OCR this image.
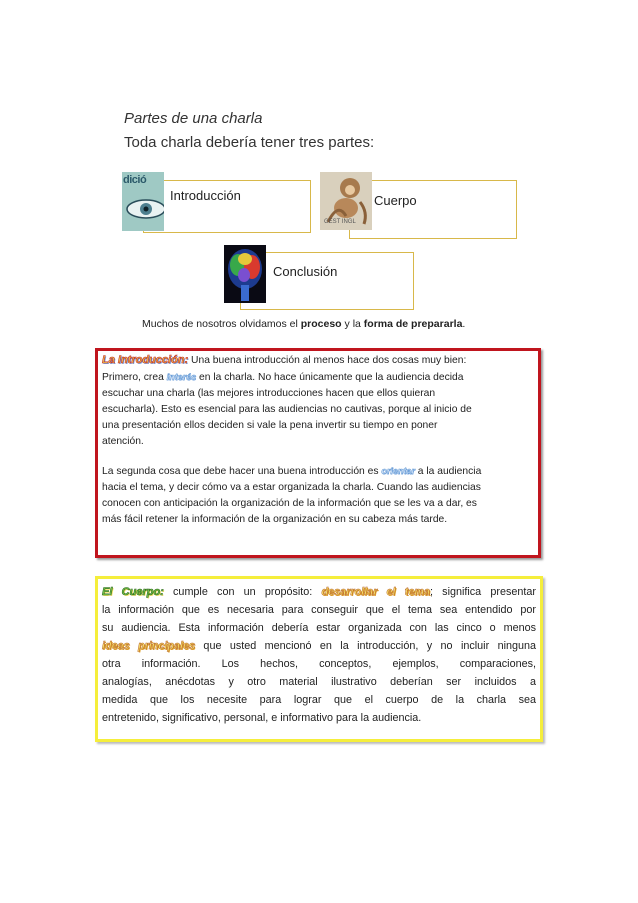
Partes de una charla
Toda charla debería tener tres partes:
Introducción
dició
Cuerpo
GEST INGL
Conclusión
Muchos de nosotros olvidamos el proceso y la forma de prepararla.

La Introducción: Una buena introducción al menos hace dos cosas muy bien:

Primero, crea interés en la charla. No hace únicamente que la audiencia decida

escuchar una charla (las mejores introducciones hacen que ellos quieran

escucharla). Esto es esencial para las audiencias no cautivas, porque al inicio de

una presentación ellos deciden si vale la pena invertir su tiempo en poner

atención.

La segunda cosa que debe hacer una buena introducción es orientar a la audiencia

hacia el tema, y decir cómo va a estar organizada la charla. Cuando las audiencias

conocen con anticipación la organización de la información que se les va a dar, es

más fácil retener la información de la organización en su cabeza más tarde.

El Cuerpo: cumple con un propósito: desarrollar el tema; significa presentar

la información que es necesaria para conseguir que el tema sea entendido por

su audiencia. Esta información debería estar organizada con las cinco o menos

ideas principales que usted mencionó en la introducción, y no incluir ninguna

otra información. Los hechos, conceptos, ejemplos, comparaciones,

analogías, anécdotas y otro material ilustrativo deberían ser incluidos a

medida que los necesite para lograr que el cuerpo de la charla sea

entretenido, significativo, personal, e informativo para la audiencia.
